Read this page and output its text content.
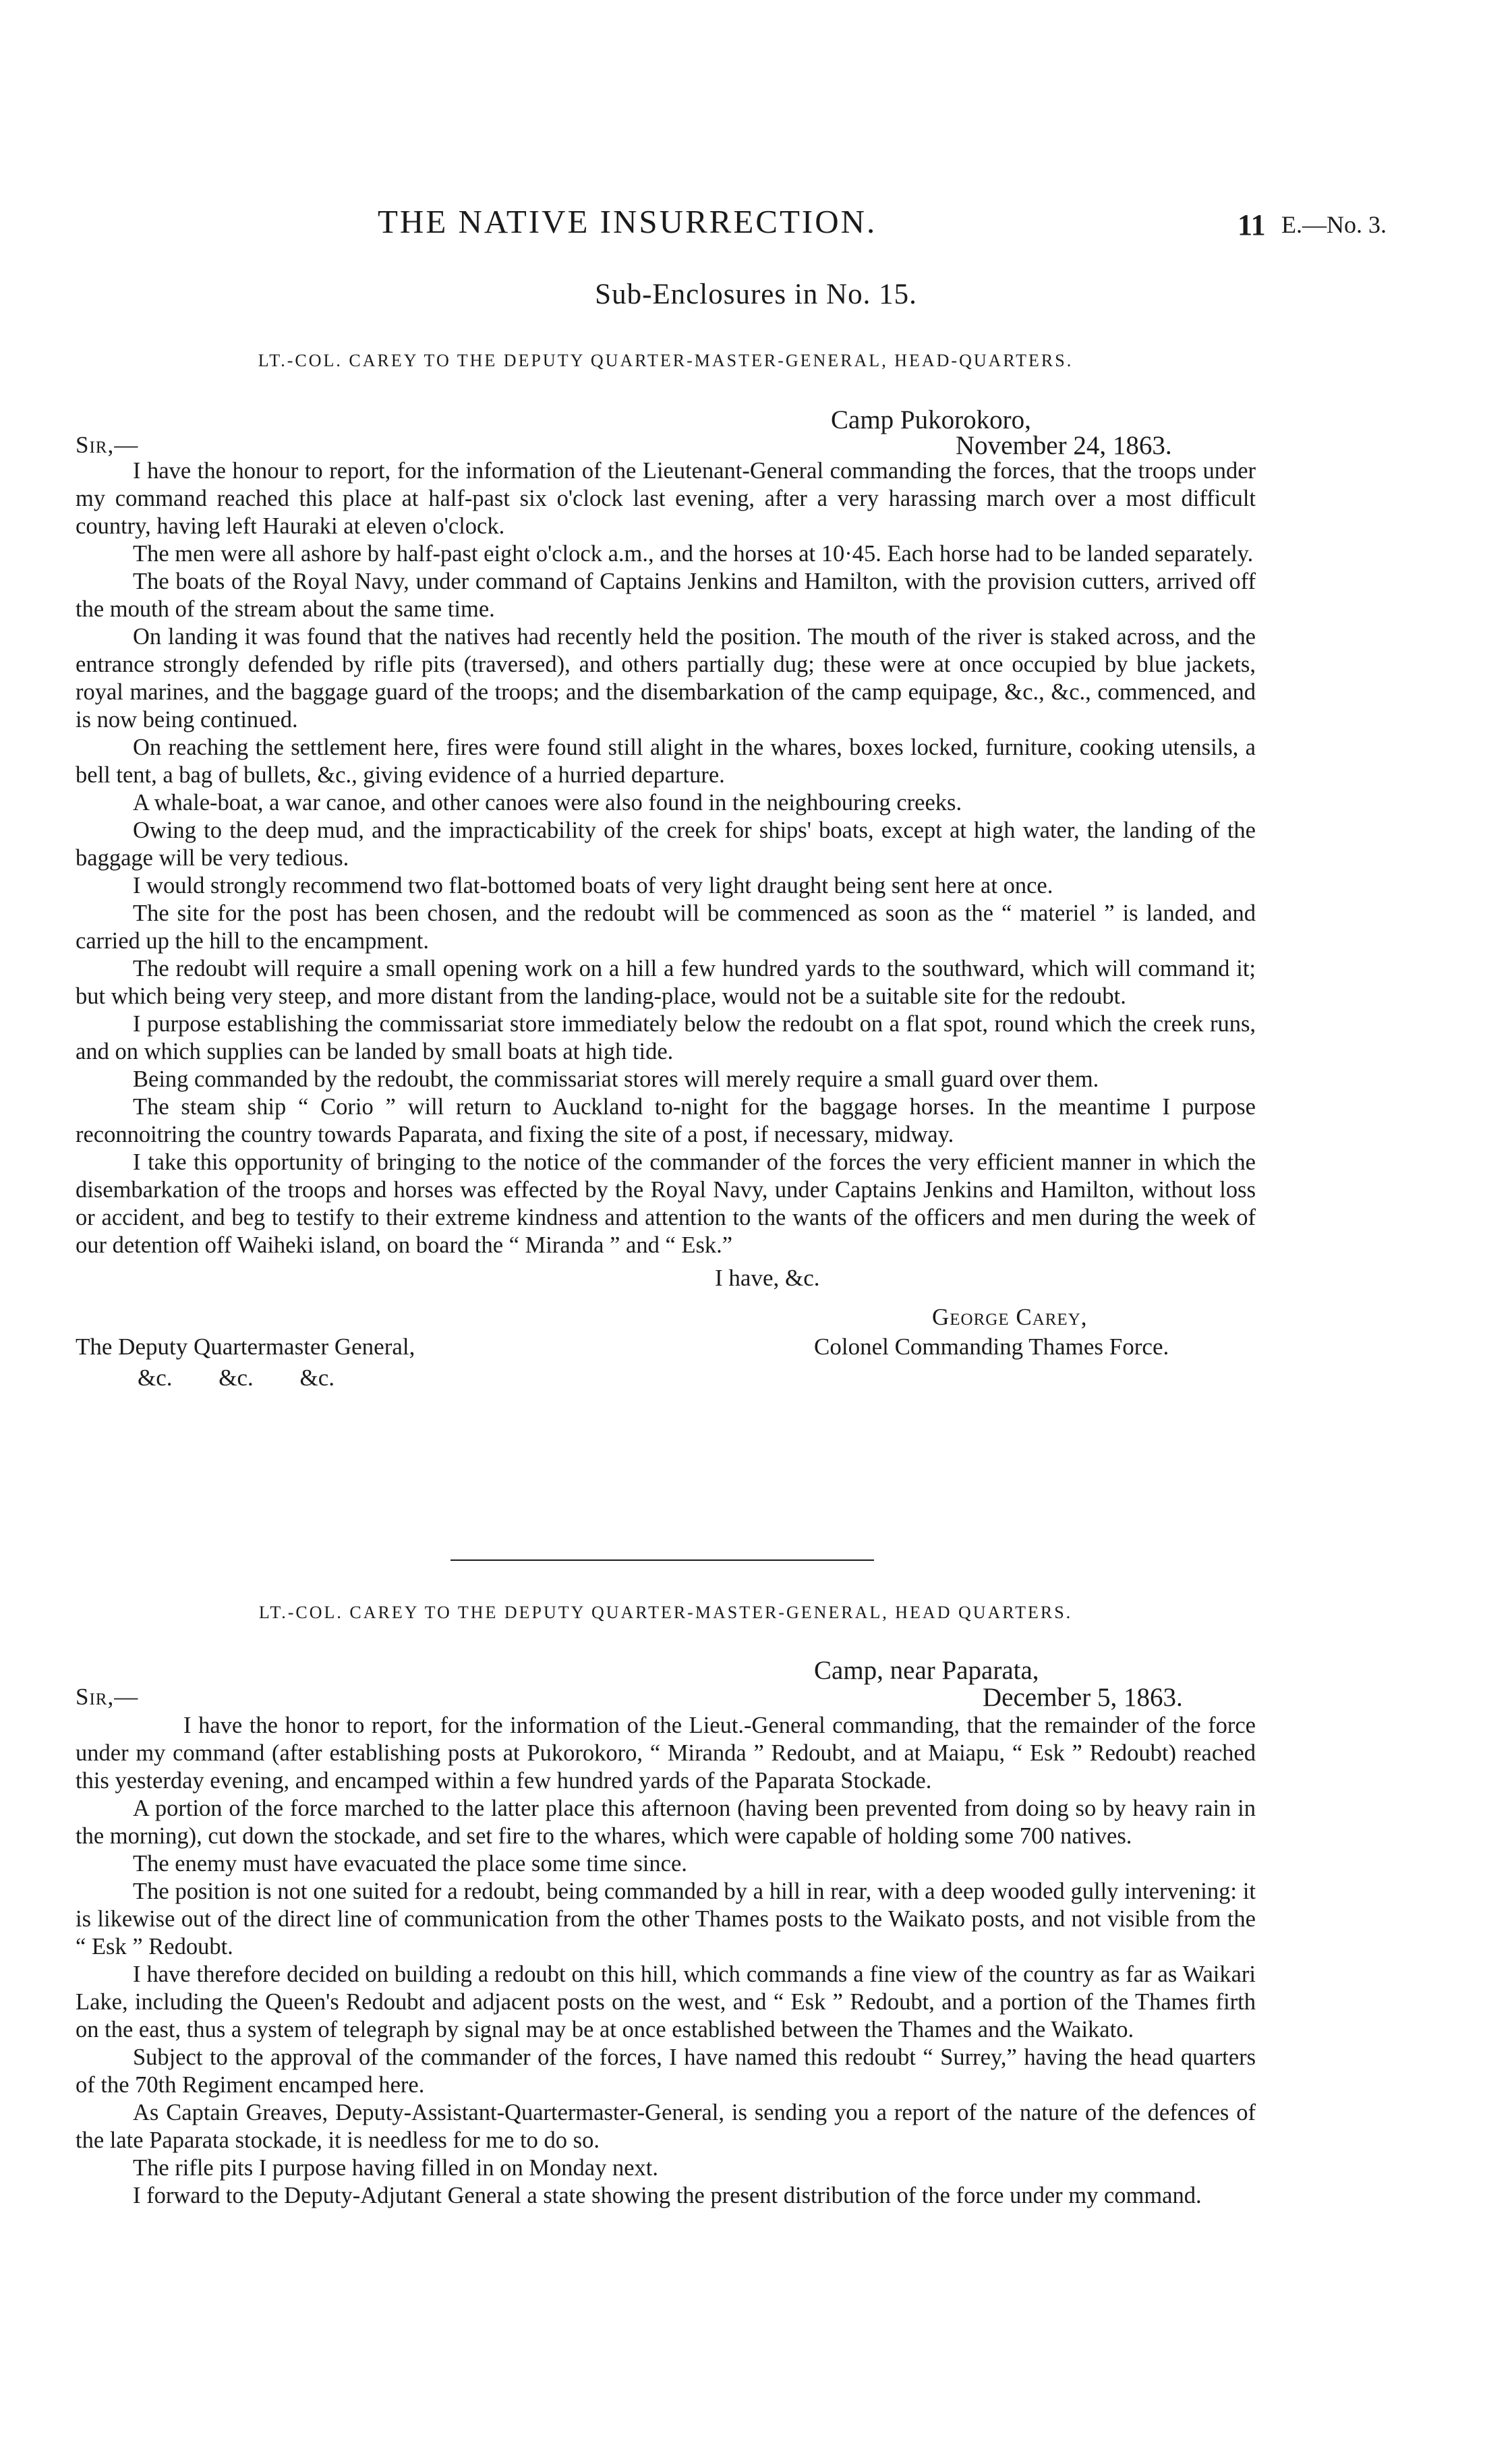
THE NATIVE INSURRECTION.	11 E.—No. 3.
Sub-Enclosures in No. 15.
LT.-COL. CAREY TO THE DEPUTY QUARTER-MASTER-GENERAL, HEAD-QUARTERS.
Camp Pukorokoro,
November 24, 1863.
Sir,—

I have the honour to report, for the information of the Lieutenant-General commanding the forces, that the troops under my command reached this place at half-past six o'clock last evening, after a very harassing march over a most difficult country, having left Hauraki at eleven o'clock.

The men were all ashore by half-past eight o'clock a.m., and the horses at 10·45. Each horse had to be landed separately.

The boats of the Royal Navy, under command of Captains Jenkins and Hamilton, with the provision cutters, arrived off the mouth of the stream about the same time.

On landing it was found that the natives had recently held the position. The mouth of the river is staked across, and the entrance strongly defended by rifle pits (traversed), and others partially dug; these were at once occupied by blue jackets, royal marines, and the baggage guard of the troops; and the disembarkation of the camp equipage, &c., &c., commenced, and is now being continued.

On reaching the settlement here, fires were found still alight in the whares, boxes locked, furniture, cooking utensils, a bell tent, a bag of bullets, &c., giving evidence of a hurried departure.

A whale-boat, a war canoe, and other canoes were also found in the neighbouring creeks.

Owing to the deep mud, and the impracticability of the creek for ships' boats, except at high water, the landing of the baggage will be very tedious.

I would strongly recommend two flat-bottomed boats of very light draught being sent here at once.

The site for the post has been chosen, and the redoubt will be commenced as soon as the “ materiel ” is landed, and carried up the hill to the encampment.

The redoubt will require a small opening work on a hill a few hundred yards to the southward, which will command it; but which being very steep, and more distant from the landing-place, would not be a suitable site for the redoubt.

I purpose establishing the commissariat store immediately below the redoubt on a flat spot, round which the creek runs, and on which supplies can be landed by small boats at high tide.

Being commanded by the redoubt, the commissariat stores will merely require a small guard over them.

The steam ship “ Corio ” will return to Auckland to-night for the baggage horses. In the meantime I purpose reconnoitring the country towards Paparata, and fixing the site of a post, if necessary, midway.

I take this opportunity of bringing to the notice of the commander of the forces the very efficient manner in which the disembarkation of the troops and horses was effected by the Royal Navy, under Captains Jenkins and Hamilton, without loss or accident, and beg to testify to their extreme kindness and attention to the wants of the officers and men during the week of our detention off Waiheki island, on board the “ Miranda ” and “ Esk.”

I have, &c.
George Carey,
Colonel Commanding Thames Force.
The Deputy Quartermaster General,
&c. &c. &c.
LT.-COL. CAREY TO THE DEPUTY QUARTER-MASTER-GENERAL, HEAD QUARTERS.
Camp, near Paparata,
December 5, 1863.
Sir,—

I have the honor to report, for the information of the Lieut.-General commanding, that the remainder of the force under my command (after establishing posts at Pukorokoro, “ Miranda ” Redoubt, and at Maiapu, “ Esk ” Redoubt) reached this yesterday evening, and encamped within a few hundred yards of the Paparata Stockade.

A portion of the force marched to the latter place this afternoon (having been prevented from doing so by heavy rain in the morning), cut down the stockade, and set fire to the whares, which were capable of holding some 700 natives.

The enemy must have evacuated the place some time since.

The position is not one suited for a redoubt, being commanded by a hill in rear, with a deep wooded gully intervening: it is likewise out of the direct line of communication from the other Thames posts to the Waikato posts, and not visible from the “ Esk ” Redoubt.

I have therefore decided on building a redoubt on this hill, which commands a fine view of the country as far as Waikari Lake, including the Queen's Redoubt and adjacent posts on the west, and “ Esk ” Redoubt, and a portion of the Thames firth on the east, thus a system of telegraph by signal may be at once established between the Thames and the Waikato.

Subject to the approval of the commander of the forces, I have named this redoubt “ Surrey,” having the head quarters of the 70th Regiment encamped here.

As Captain Greaves, Deputy-Assistant-Quartermaster-General, is sending you a report of the nature of the defences of the late Paparata stockade, it is needless for me to do so.

The rifle pits I purpose having filled in on Monday next.

I forward to the Deputy-Adjutant General a state showing the present distribution of the force under my command.
